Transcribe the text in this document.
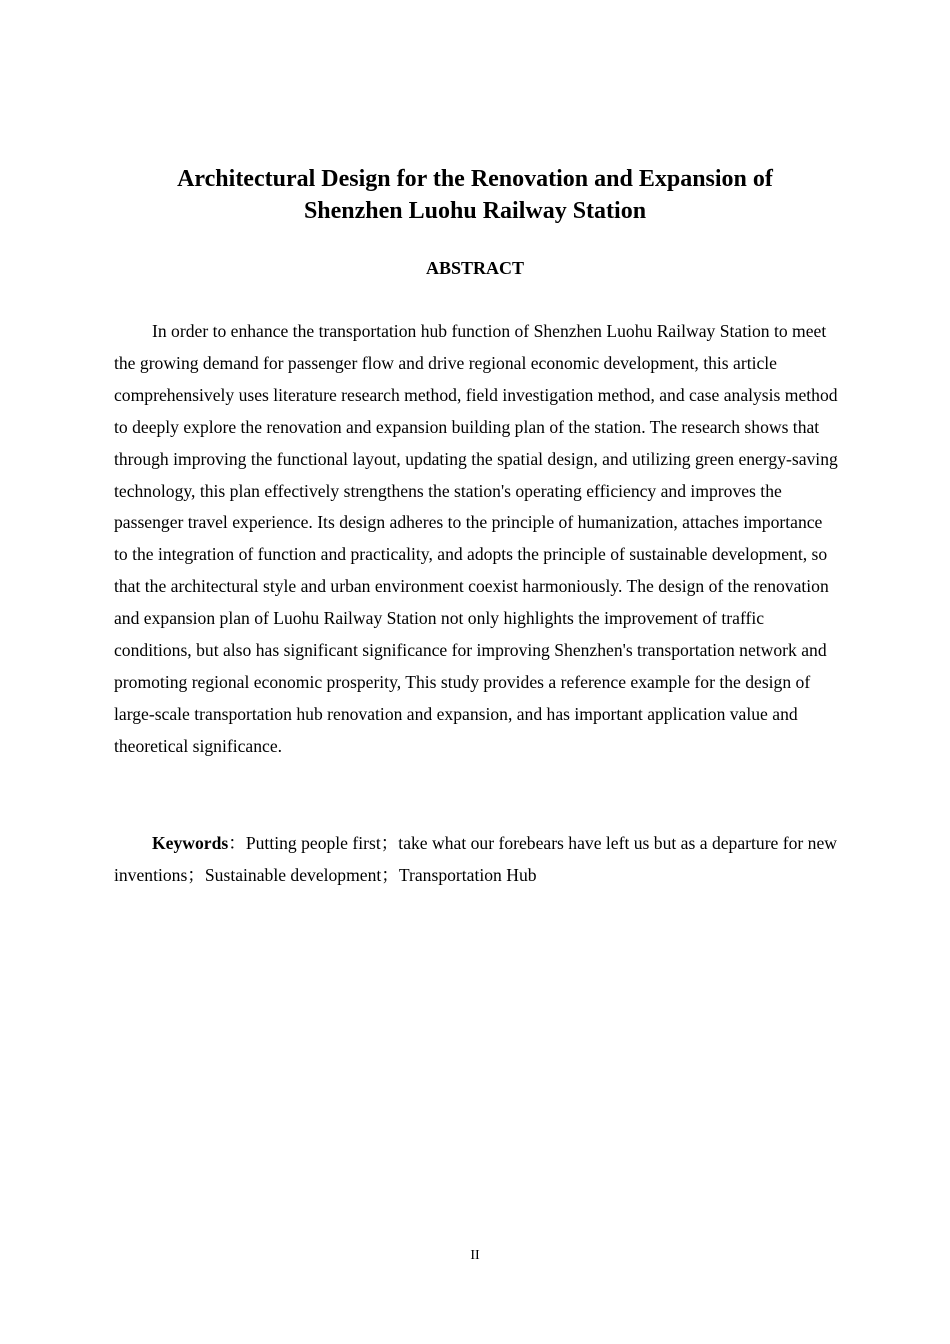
Architectural Design for the Renovation and Expansion of
Shenzhen Luohu Railway Station
ABSTRACT

In order to enhance the transportation hub function of Shenzhen Luohu Railway Station to meet the growing demand for passenger flow and drive regional economic development, this article comprehensively uses literature research method, field investigation method, and case analysis method to deeply explore the renovation and expansion building plan of the station. The research shows that through improving the functional layout, updating the spatial design, and utilizing green energy-saving technology, this plan effectively strengthens the station's operating efficiency and improves the passenger travel experience. Its design adheres to the principle of humanization, attaches importance to the integration of function and practicality, and adopts the principle of sustainable development, so that the architectural style and urban environment coexist harmoniously. The design of the renovation and expansion plan of Luohu Railway Station not only highlights the improvement of traffic conditions, but also has significant significance for improving Shenzhen's transportation network and promoting regional economic prosperity, This study provides a reference example for the design of large-scale transportation hub renovation and expansion, and has important application value and theoretical significance.

Keywords：Putting people first；take what our forebears have left us but as a departure for new inventions；Sustainable development；Transportation Hub

II
